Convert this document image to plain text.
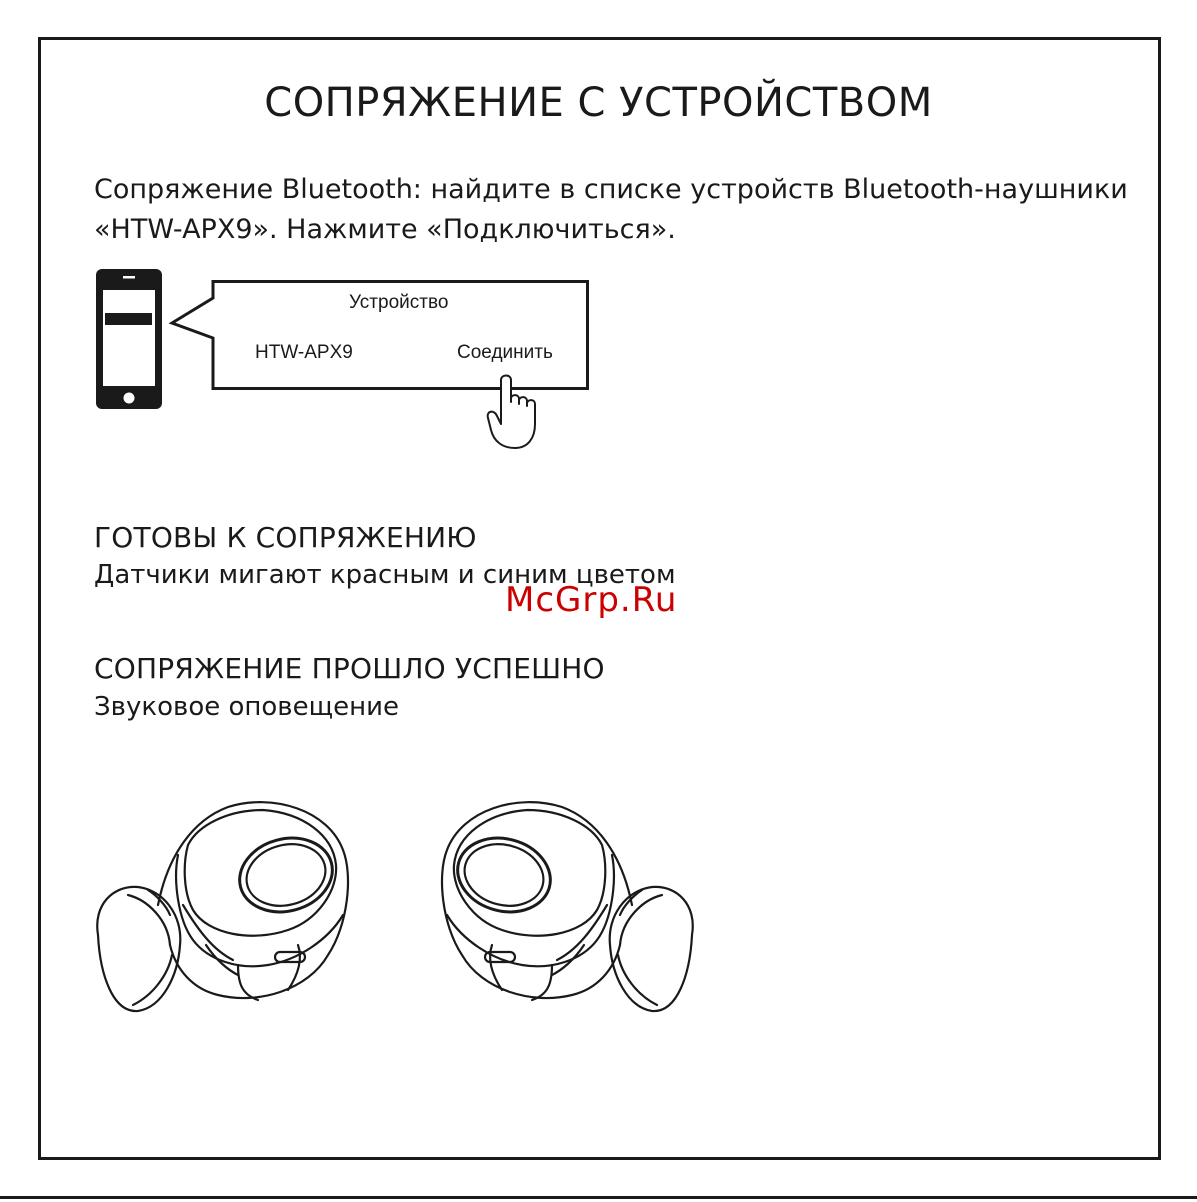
СОПРЯЖЕНИЕ С УСТРОЙСТВОМ

Сопряжение Bluetooth: найдите в списке устройств Bluetooth-наушники
«HTW-APX9». Нажмите «Подключиться».

Устройство
HTW-APX9	Соединить
ГОТОВЫ К СОПРЯЖЕНИЮ

Датчики мигают красным и синим цветом

McGrp.Ru
СОПРЯЖЕНИЕ ПРОШЛО УСПЕШНО

Звуковое оповещение
